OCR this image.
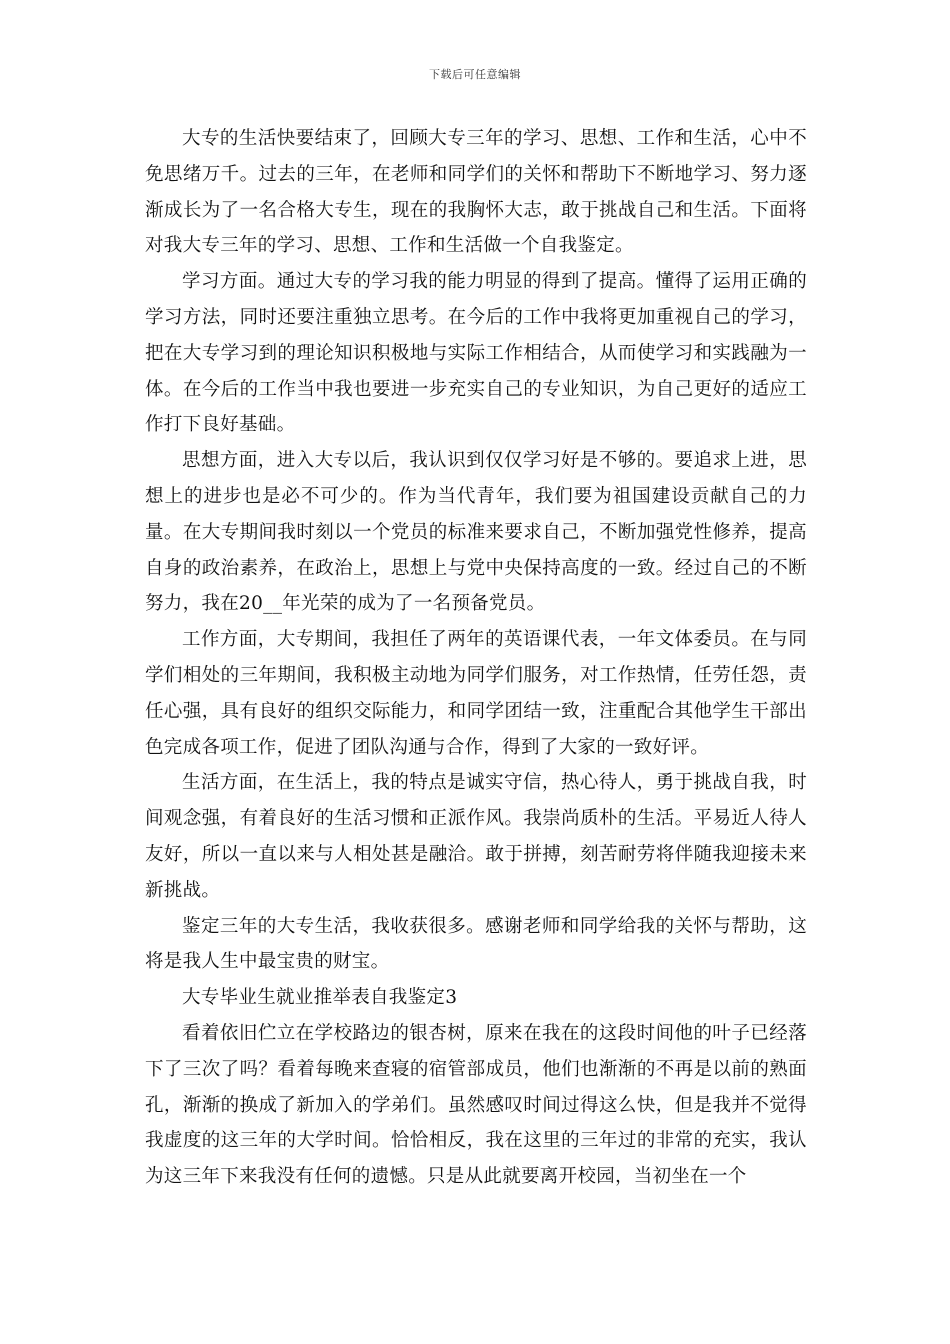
下载后可任意编辑

大专的生活快要结束了，回顾大专三年的学习、思想、工作和生活，心中不免思绪万千。过去的三年，在老师和同学们的关怀和帮助下不断地学习、努力逐渐成长为了一名合格大专生，现在的我胸怀大志，敢于挑战自己和生活。下面将对我大专三年的学习、思想、工作和生活做一个自我鉴定。

学习方面。通过大专的学习我的能力明显的得到了提高。懂得了运用正确的学习方法，同时还要注重独立思考。在今后的工作中我将更加重视自己的学习，把在大专学习到的理论知识积极地与实际工作相结合，从而使学习和实践融为一体。在今后的工作当中我也要进一步充实自己的专业知识，为自己更好的适应工作打下良好基础。

思想方面，进入大专以后，我认识到仅仅学习好是不够的。要追求上进，思想上的进步也是必不可少的。作为当代青年，我们要为祖国建设贡献自己的力量。在大专期间我时刻以一个党员的标准来要求自己，不断加强党性修养，提高自身的政治素养，在政治上，思想上与党中央保持高度的一致。经过自己的不断努力，我在20__年光荣的成为了一名预备党员。

工作方面，大专期间，我担任了两年的英语课代表，一年文体委员。在与同学们相处的三年期间，我积极主动地为同学们服务，对工作热情，任劳任怨，责任心强，具有良好的组织交际能力，和同学团结一致，注重配合其他学生干部出色完成各项工作，促进了团队沟通与合作，得到了大家的一致好评。

生活方面，在生活上，我的特点是诚实守信，热心待人，勇于挑战自我，时间观念强，有着良好的生活习惯和正派作风。我崇尚质朴的生活。平易近人待人友好，所以一直以来与人相处甚是融洽。敢于拼搏，刻苦耐劳将伴随我迎接未来新挑战。

鉴定三年的大专生活，我收获很多。感谢老师和同学给我的关怀与帮助，这将是我人生中最宝贵的财宝。

大专毕业生就业推举表自我鉴定3

看着依旧伫立在学校路边的银杏树，原来在我在的这段时间他的叶子已经落下了三次了吗？看着每晚来查寝的宿管部成员，他们也渐渐的不再是以前的熟面孔，渐渐的换成了新加入的学弟们。虽然感叹时间过得这么快，但是我并不觉得我虚度的这三年的大学时间。恰恰相反，我在这里的三年过的非常的充实，我认为这三年下来我没有任何的遗憾。只是从此就要离开校园，当初坐在一个
